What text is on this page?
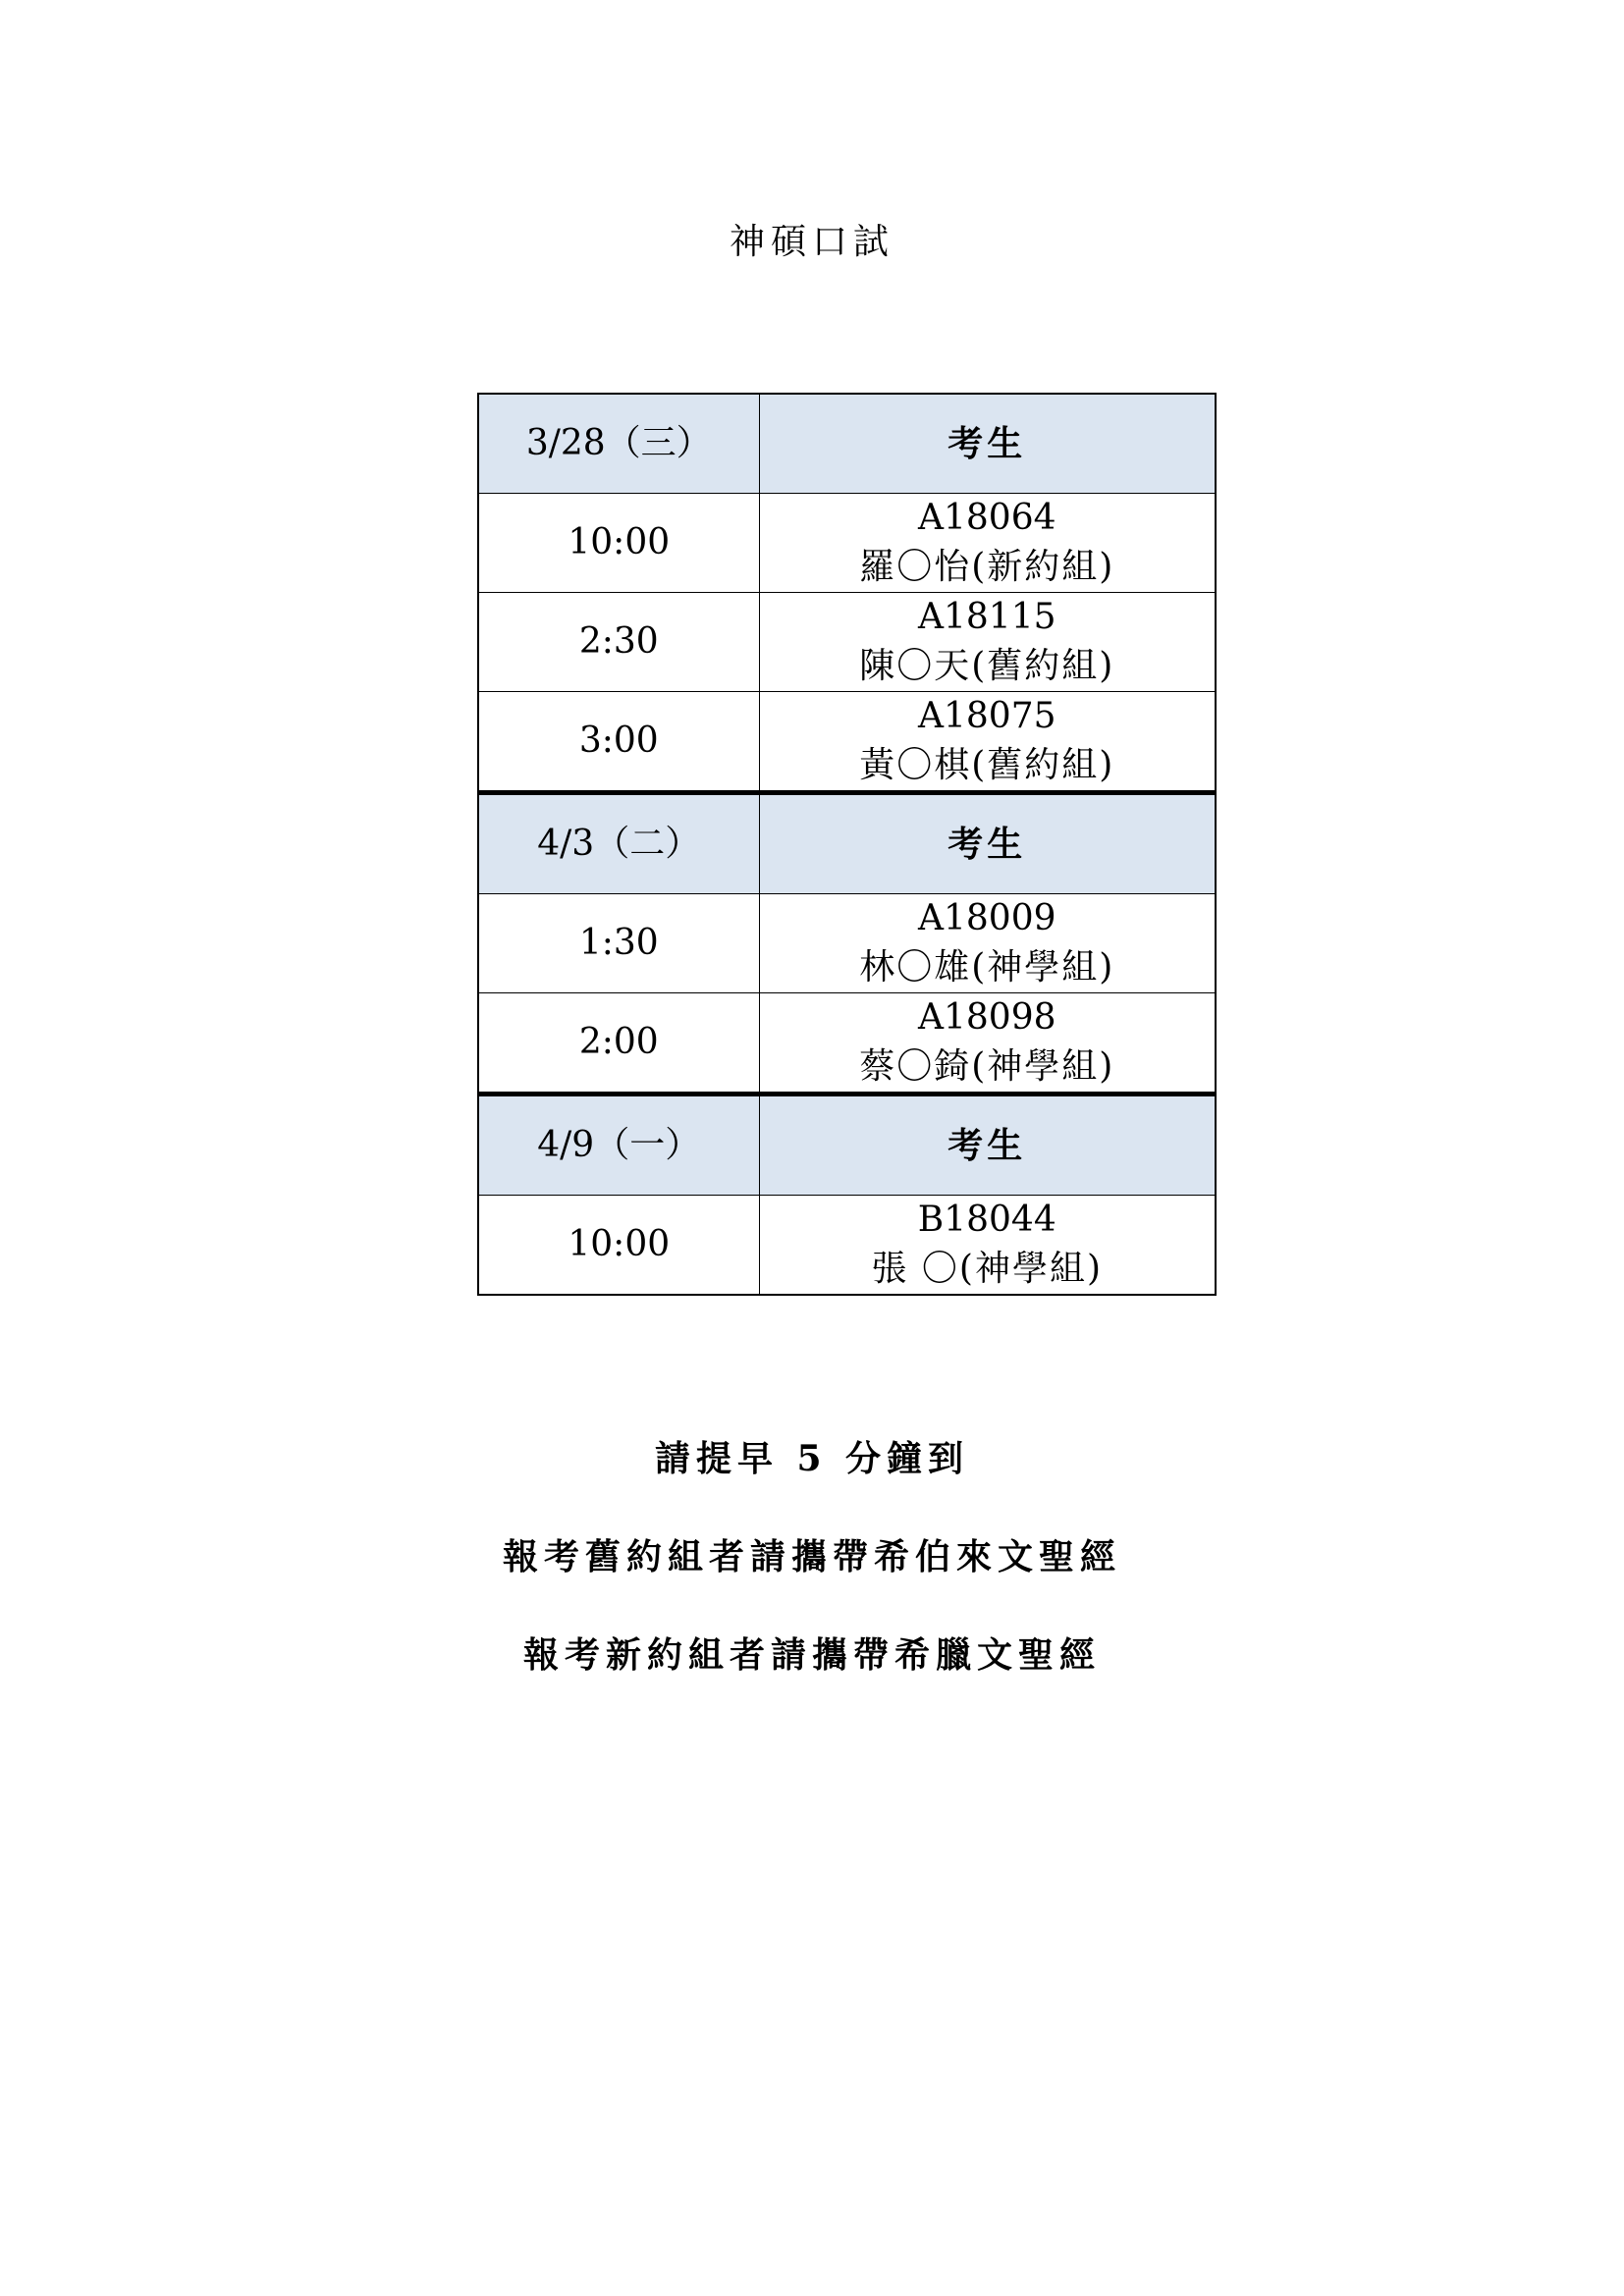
神碩口試
3/28（三）	考生
10:00	A18064
羅〇怡(新約組)

2:30	A18115
陳〇天(舊約組)

3:00	A18075
黃〇棋(舊約組)

4/3（二）	考生
1:30	A18009
林〇雄(神學組)

2:00	A18098
蔡〇錡(神學組)

4/9（一）	考生
10:00	B18044
張 〇(神學組)
請提早 5 分鐘到
報考舊約組者請攜帶希伯來文聖經
報考新約組者請攜帶希臘文聖經
